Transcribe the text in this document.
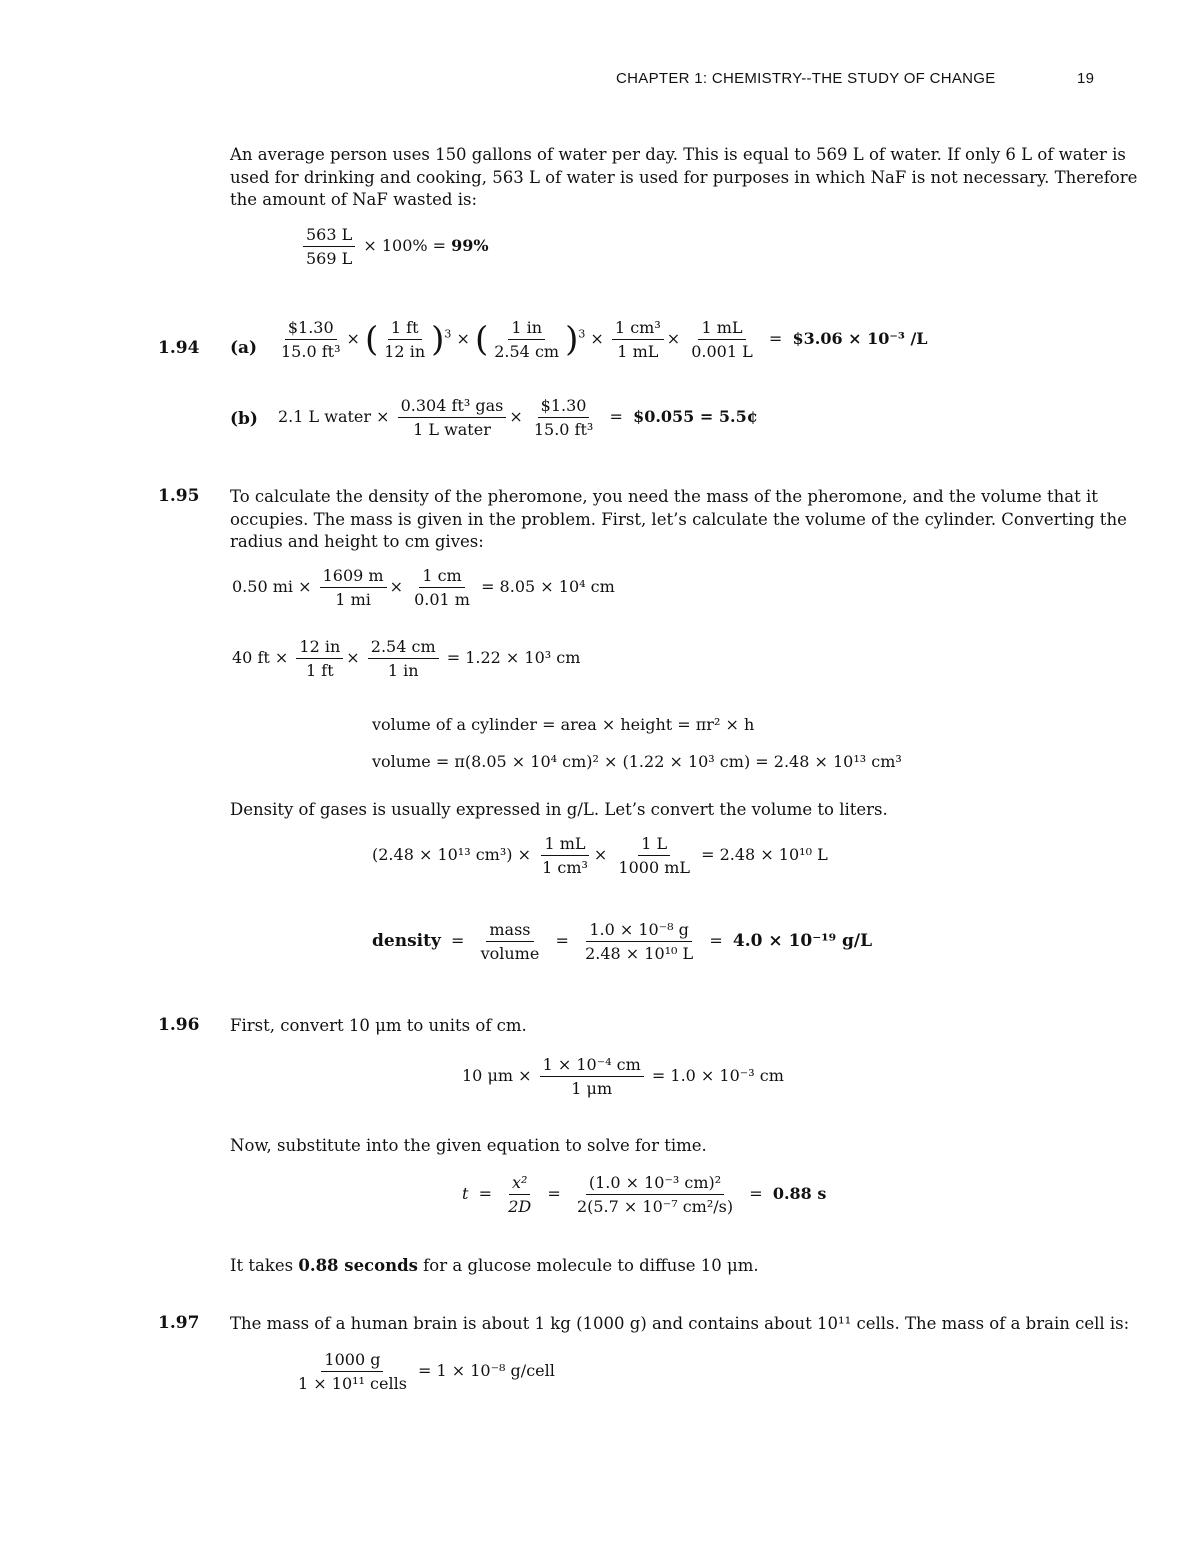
CHAPTER 1: CHEMISTRY--THE STUDY OF CHANGE	19
An average person uses 150 gallons of water per day. This is equal to 569 L of water. If only 6 L of water is
used for drinking and cooking, 563 L of water is used for purposes in which NaF is not necessary. Therefore
the amount of NaF wasted is:
$\frac{563 L}{569 L} \times 100\% = 99\%$
1.94 $(a) \frac{\$1.30}{\text{15.0 ft³}}$ × ( $\frac{1 ft}{12 in} )^3$ × ( $\frac{1 in}{2.54 cm} )^3 \times \frac{\text{1 cm³}}{1 mL} \times \frac{1 mL}{0.001 L}$ =  $3.06 × 10⁻³ /L
(b) 2.1 L water × $\frac{\text{0.304 ft³ gas}}{\text{1 L water}} \times \frac{\$1.30}{\text{15.0 ft³}}$ =  $0.055 = 5.5¢
1.95 To calculate the density of the pheromone, you need the mass of the pheromone, and the volume that it
occupies. The mass is given in the problem. First, let’s calculate the volume of the cylinder. Converting the
radius and height to cm gives:
0.50 mi × $\frac{1609 m}{1 mi} \times \frac{1 cm}{0.01 m} = 8.05 \times 10^4$ cm
40 ft × $\frac{12 in}{1 ft} \times \frac{2.54 cm}{1 in} = 1.22 \times 10^3$ cm
volume of a cylinder = area × height = πr² × h
volume = π(8.05 × 10⁴ cm)² × (1.22 × 10³ cm) = 2.48 × 10¹³ cm³
Density of gases is usually expressed in g/L. Let’s convert the volume to liters.
(2.48 × 10¹³ $cm^3) \times \frac{1 mL}{\text{1 cm³}} \times \frac{1 L}{1000 mL} = 2.48 \times 10^{10}$ L
density  = $\frac{\text{mass}}{\text{volume}} = \frac{\text{1.0 × 10⁻⁸ g}}{\text{2.48 × 10¹⁰ L}} = 4.0 \times 10^{-19}$ g/L
1.96 First, convert 10 μm to units of cm.
10 $\mu m \times \frac{\text{1 × 10⁻⁴ cm}}{1 \mu m} = 1.0 \times 10^{-3}$ cm
Now, substitute into the given equation to solve for time.
$t = \frac{\text{x²}}{2D} = \frac{\text{(1.0 × 10⁻³ cm)²}}{\text{2(5.7 × 10⁻⁷ cm²/s)}} = 0.88$ s
It takes 0.88 seconds for a glucose molecule to diffuse 10 μm.
1.97 The mass of a human brain is about 1 kg (1000 g) and contains about 10¹¹ cells. The mass of a brain cell is:
$\frac{1000 g}{\text{1 × 10¹¹ cells}} = 1 \times 10^{-8}$ g/cell
